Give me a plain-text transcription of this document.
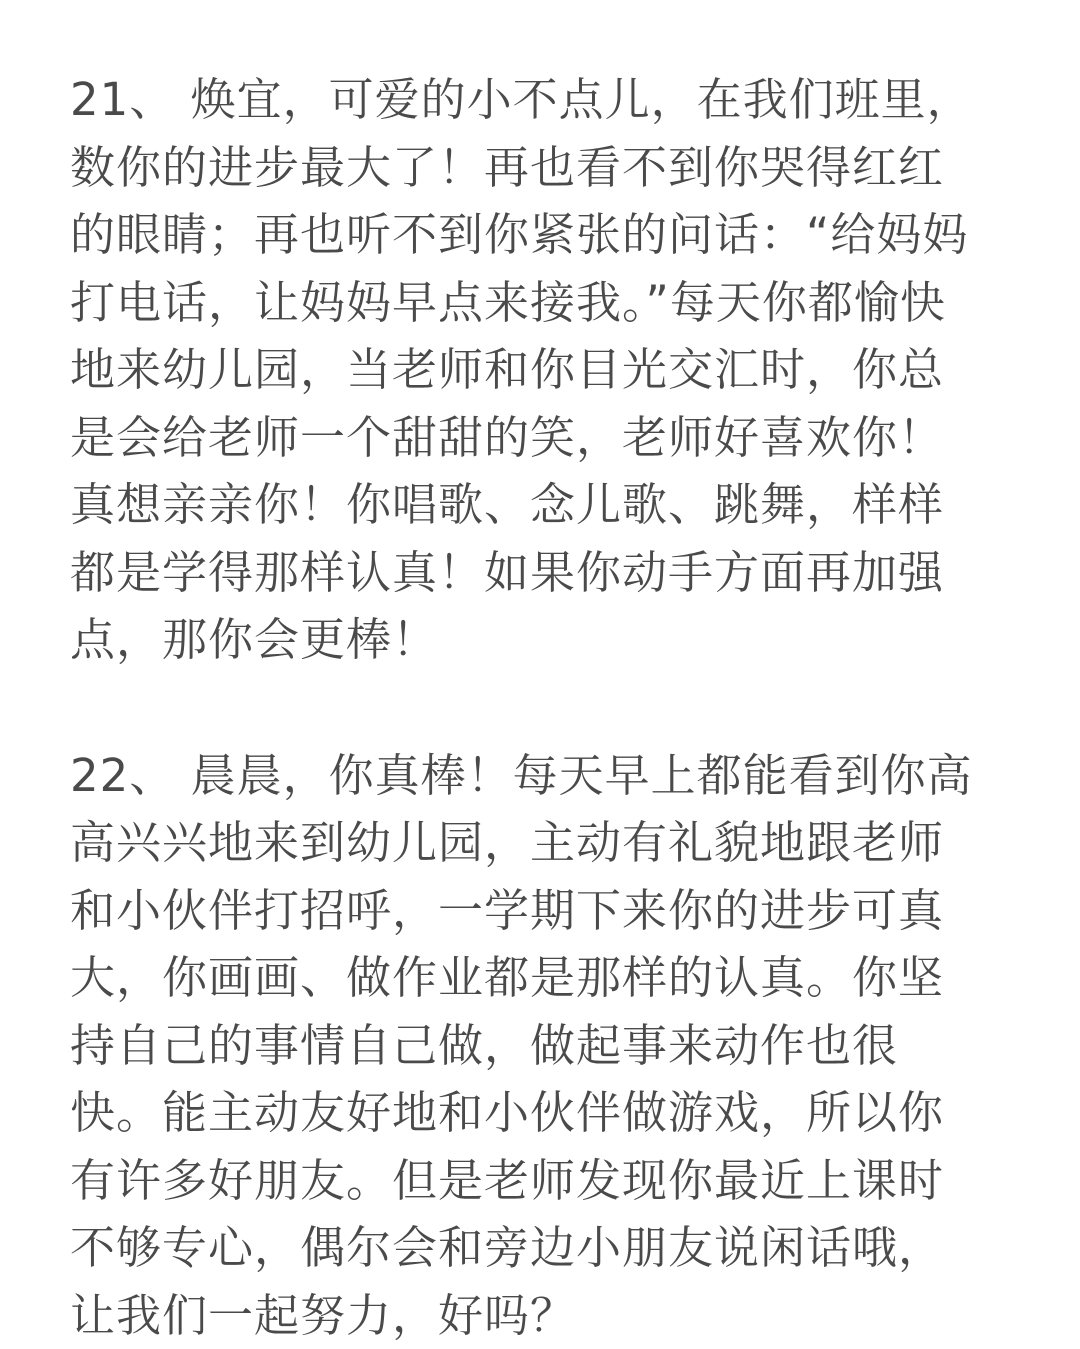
21、 焕宜，可爱的小不点儿，在我们班里，
数你的进步最大了！再也看不到你哭得红红
的眼睛；再也听不到你紧张的问话：“给妈妈
打电话，让妈妈早点来接我。”每天你都愉快
地来幼儿园，当老师和你目光交汇时，你总
是会给老师一个甜甜的笑，老师好喜欢你！
真想亲亲你！你唱歌、念儿歌、跳舞，样样
都是学得那样认真！如果你动手方面再加强
点，那你会更棒！
22、 晨晨，你真棒！每天早上都能看到你高
高兴兴地来到幼儿园，主动有礼貌地跟老师
和小伙伴打招呼，一学期下来你的进步可真
大，你画画、做作业都是那样的认真。你坚
持自己的事情自己做，做起事来动作也很
快。能主动友好地和小伙伴做游戏，所以你
有许多好朋友。但是老师发现你最近上课时
不够专心，偶尔会和旁边小朋友说闲话哦，
让我们一起努力，好吗？
